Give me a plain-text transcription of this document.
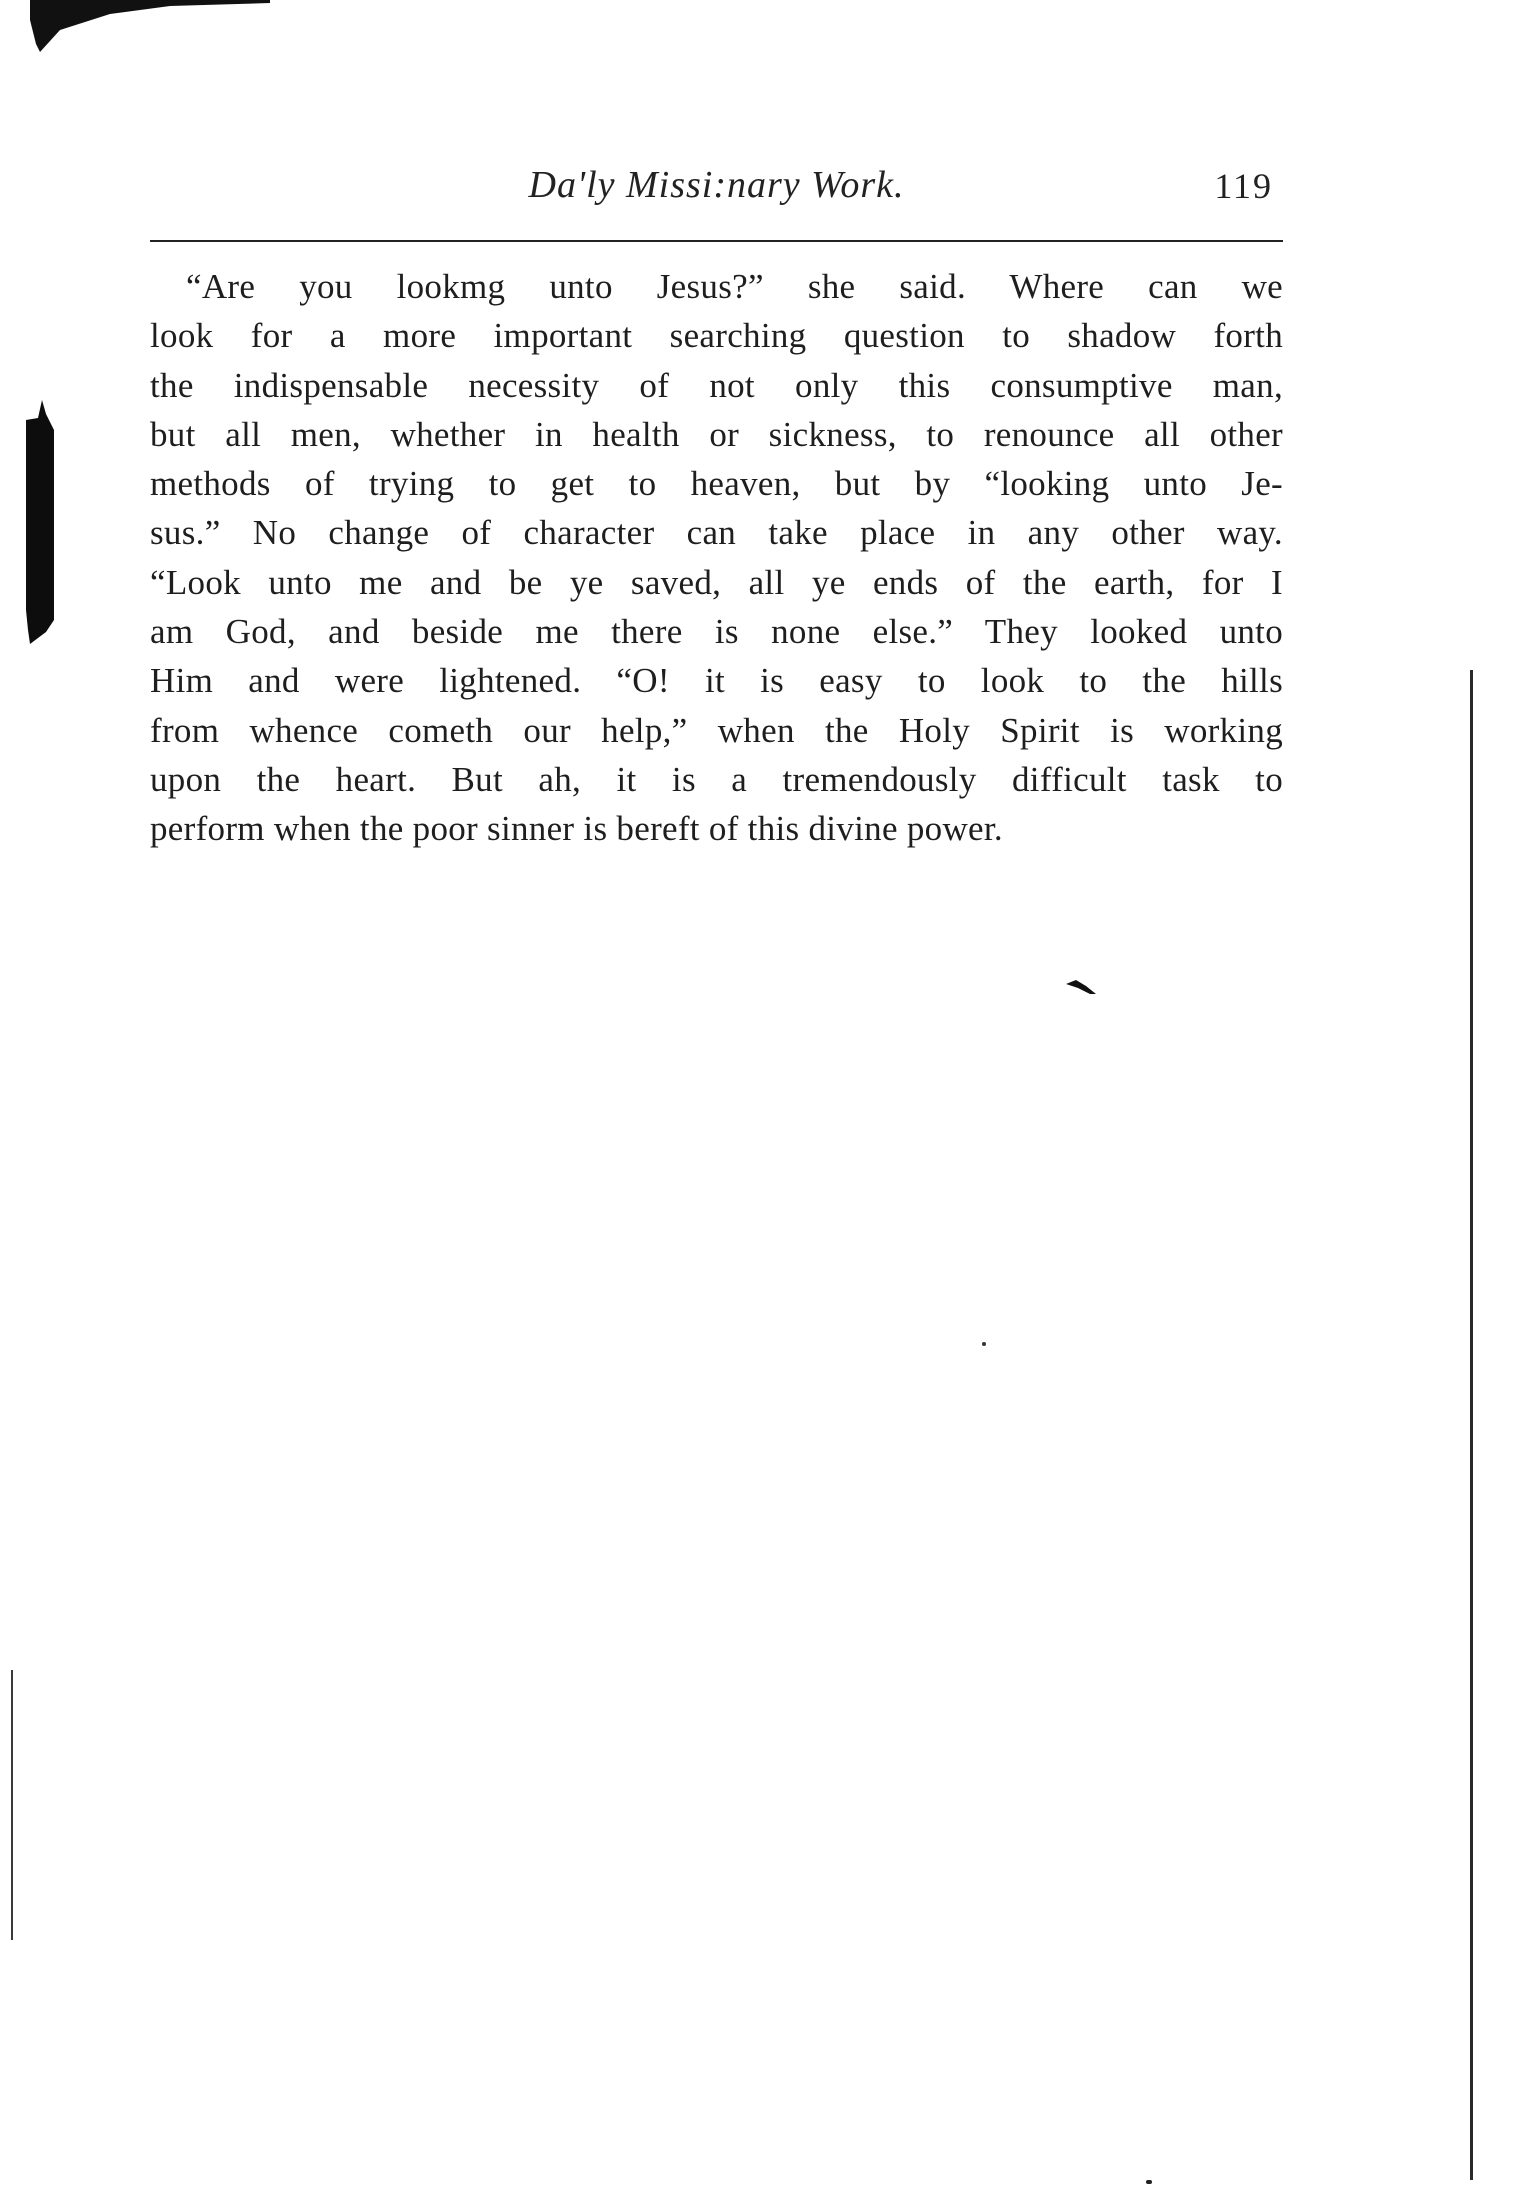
Da'ly Missi:nary Work.	119
“Are you lookmg unto Jesus?” she said. Where can we
look for a more important searching question to shadow forth
the indispensable necessity of not only this consumptive man,
but all men, whether in health or sickness, to renounce all other
methods of trying to get to heaven, but by “looking unto Je-
sus.” No change of character can take place in any other way.
“Look unto me and be ye saved, all ye ends of the earth, for I
am God, and beside me there is none else.” They looked unto
Him and were lightened. “O! it is easy to look to the hills
from whence cometh our help,” when the Holy Spirit is working
upon the heart. But ah, it is a tremendously difficult task to
perform when the poor sinner is bereft of this divine power.
